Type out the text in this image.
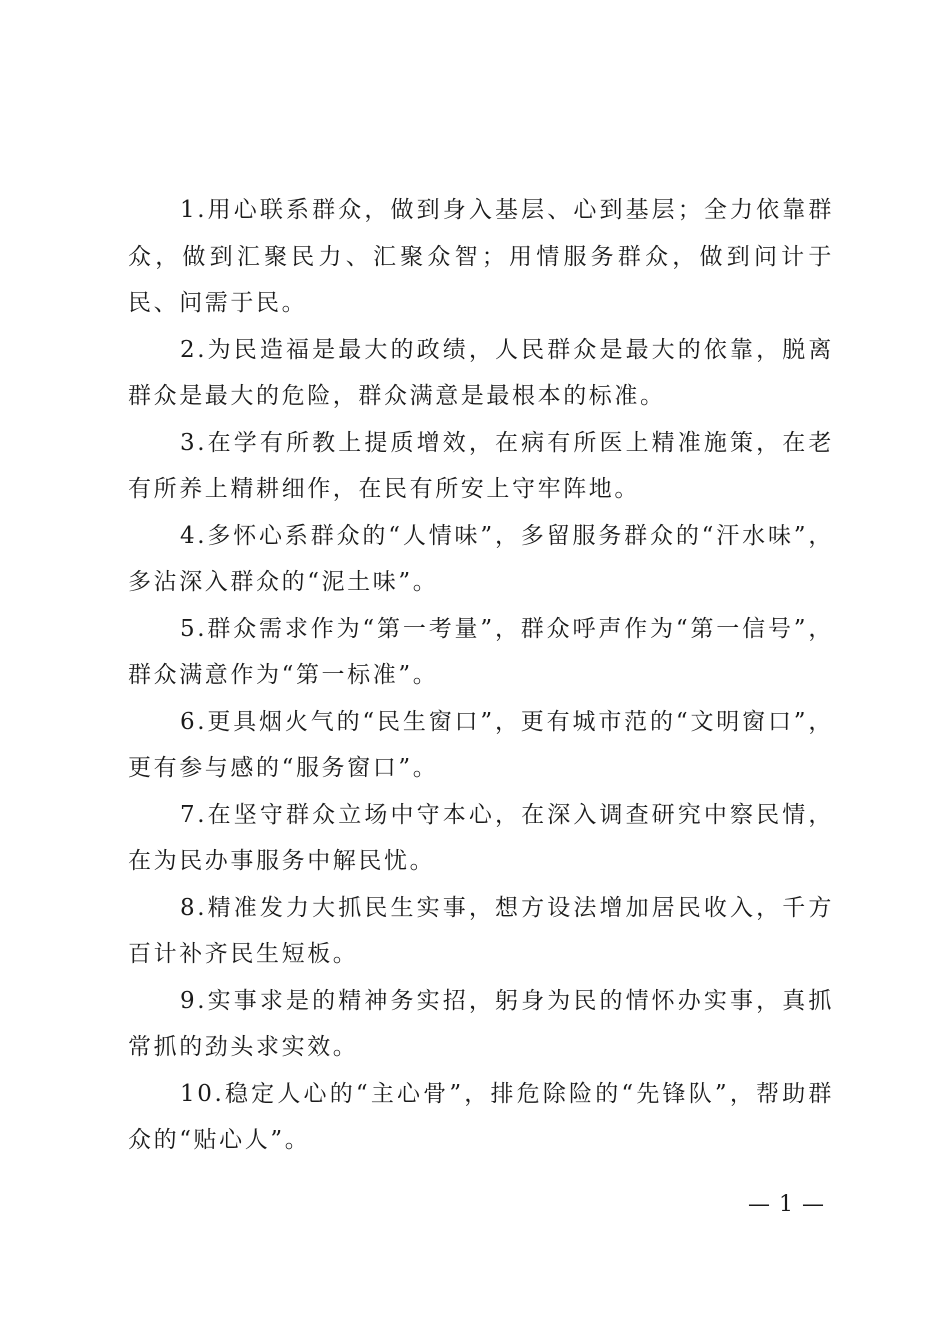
1.用心联系群众，做到身入基层、心到基层；全力依靠群众，做到汇聚民力、汇聚众智；用情服务群众，做到问计于民、问需于民。

2.为民造福是最大的政绩，人民群众是最大的依靠，脱离群众是最大的危险，群众满意是最根本的标准。

3.在学有所教上提质增效，在病有所医上精准施策，在老有所养上精耕细作，在民有所安上守牢阵地。

4.多怀心系群众的“人情味”，多留服务群众的“汗水味”，多沾深入群众的“泥土味”。

5.群众需求作为“第一考量”，群众呼声作为“第一信号”，群众满意作为“第一标准”。

6.更具烟火气的“民生窗口”，更有城市范的“文明窗口”，更有参与感的“服务窗口”。

7.在坚守群众立场中守本心，在深入调查研究中察民情，在为民办事服务中解民忧。

8.精准发力大抓民生实事，想方设法增加居民收入，千方百计补齐民生短板。

9.实事求是的精神务实招，躬身为民的情怀办实事，真抓常抓的劲头求实效。

10.稳定人心的“主心骨”，排危除险的“先锋队”，帮助群众的“贴心人”。

— 1 —
